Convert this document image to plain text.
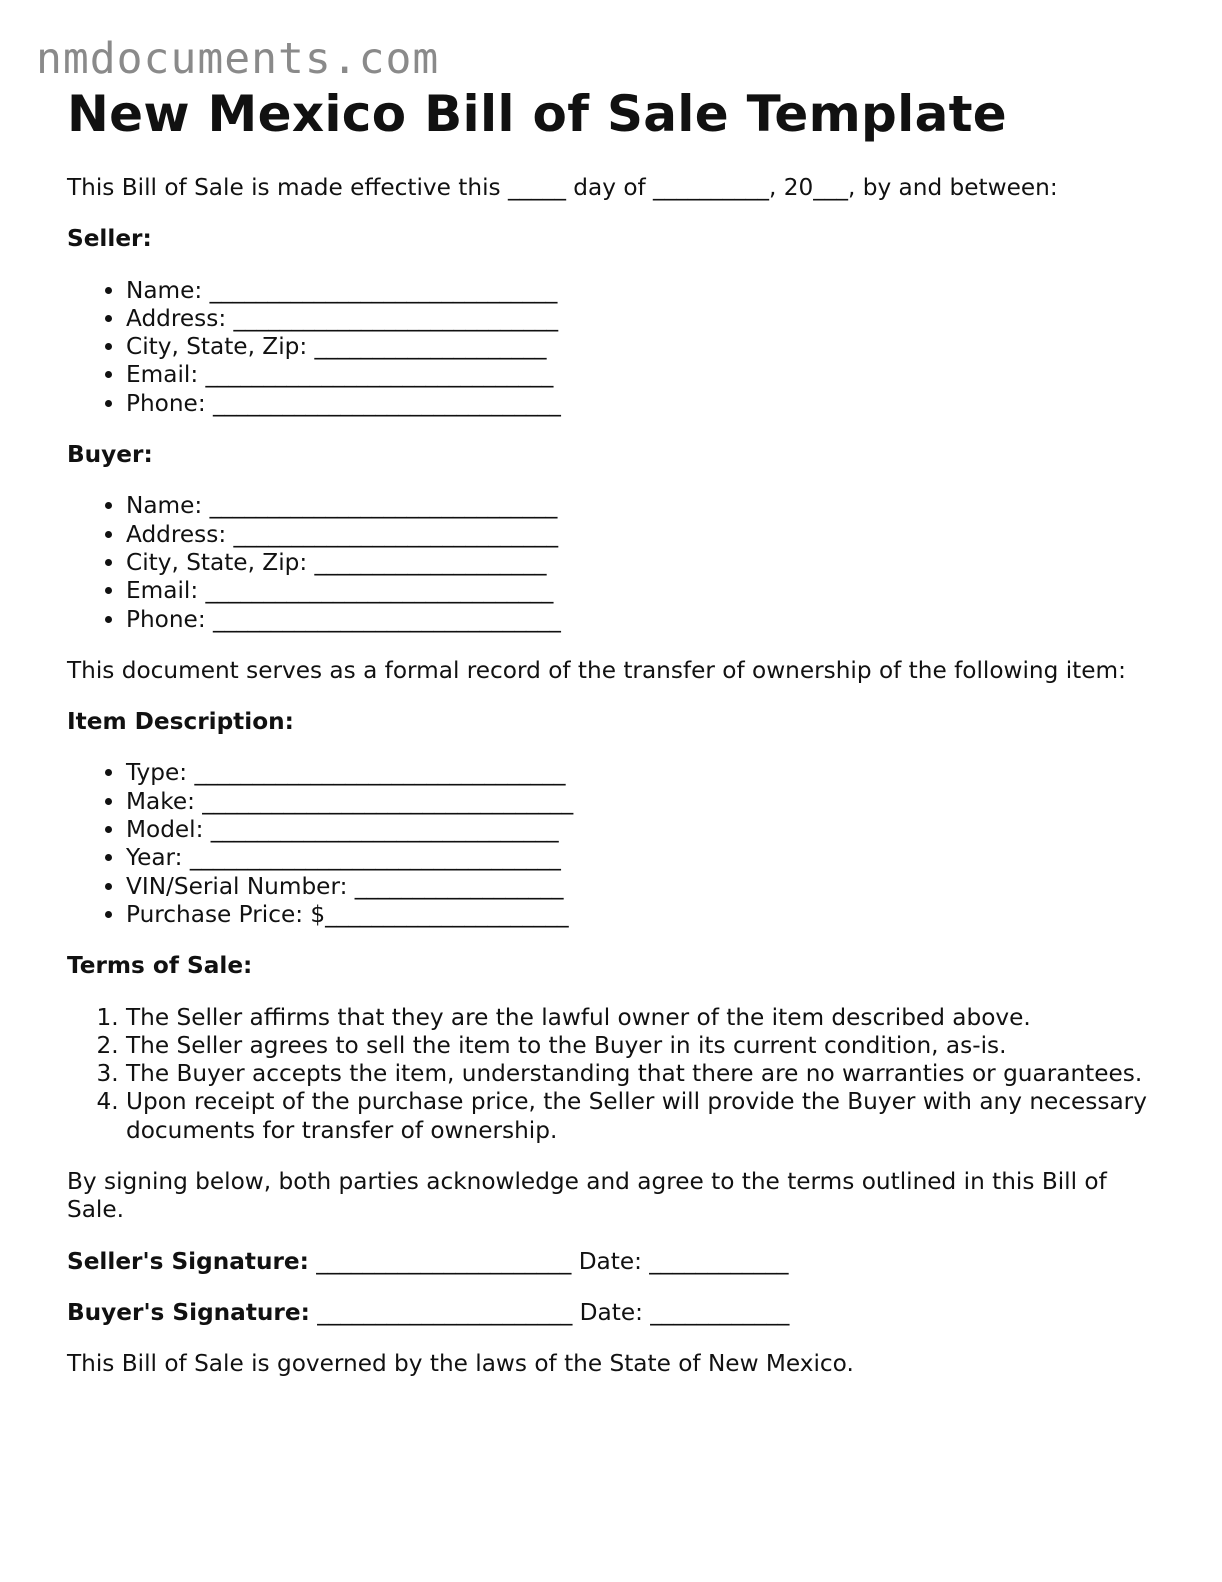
nmdocuments.com
New Mexico Bill of Sale Template

This Bill of Sale is made effective this _____ day of __________, 20___, by and between:

Seller:

• Name: ______________________________
• Address: ____________________________
• City, State, Zip: ____________________
• Email: ______________________________
• Phone: ______________________________

Buyer:

• Name: ______________________________
• Address: ____________________________
• City, State, Zip: ____________________
• Email: ______________________________
• Phone: ______________________________

This document serves as a formal record of the transfer of ownership of the following item:

Item Description:

• Type: ________________________________
• Make: ________________________________
• Model: ______________________________
• Year: ________________________________
• VIN/Serial Number: __________________
• Purchase Price: $_____________________

Terms of Sale:

1. The Seller affirms that they are the lawful owner of the item described above.
2. The Seller agrees to sell the item to the Buyer in its current condition, as-is.
3. The Buyer accepts the item, understanding that there are no warranties or guarantees.
4. Upon receipt of the purchase price, the Seller will provide the Buyer with any necessary documents for transfer of ownership.

By signing below, both parties acknowledge and agree to the terms outlined in this Bill of Sale.

Seller's Signature: ______________________ Date: ____________

Buyer's Signature: ______________________ Date: ____________

This Bill of Sale is governed by the laws of the State of New Mexico.
